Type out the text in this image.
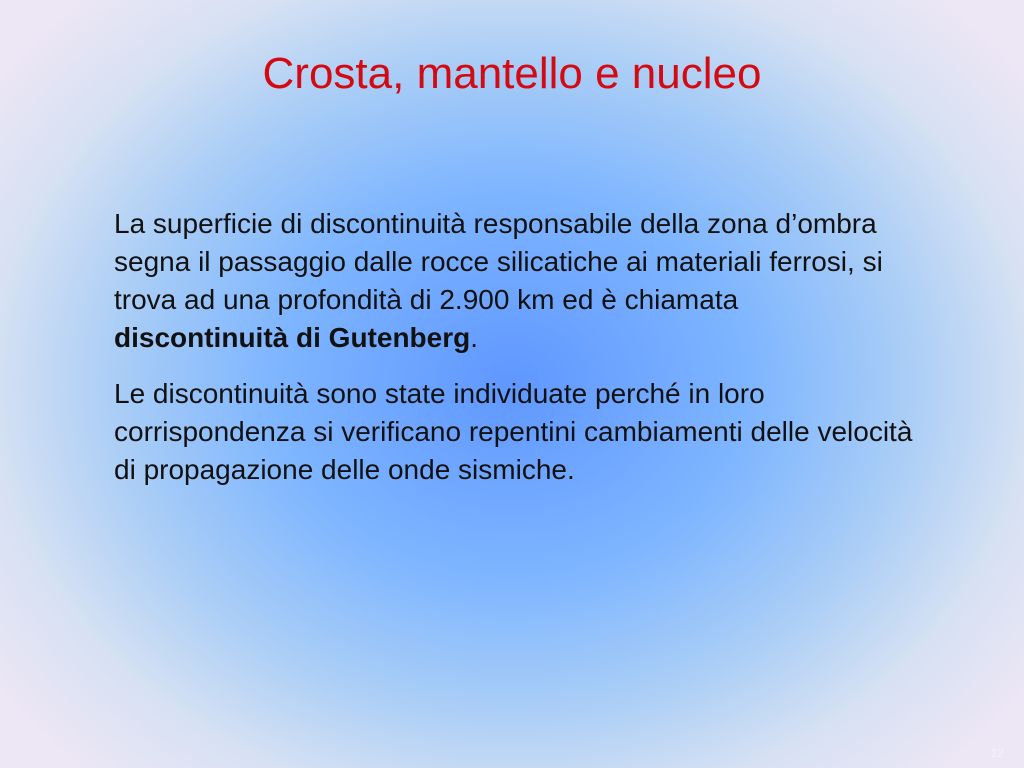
Crosta, mantello e nucleo

La superficie di discontinuità responsabile della zona d’ombra segna il passaggio dalle rocce silicatiche ai materiali ferrosi, si trova ad una profondità di 2.900 km ed è chiamata discontinuità di Gutenberg.

Le discontinuità sono state individuate perché in loro corrispondenza si verificano repentini cambiamenti delle velocità di propagazione delle onde sismiche.

12
